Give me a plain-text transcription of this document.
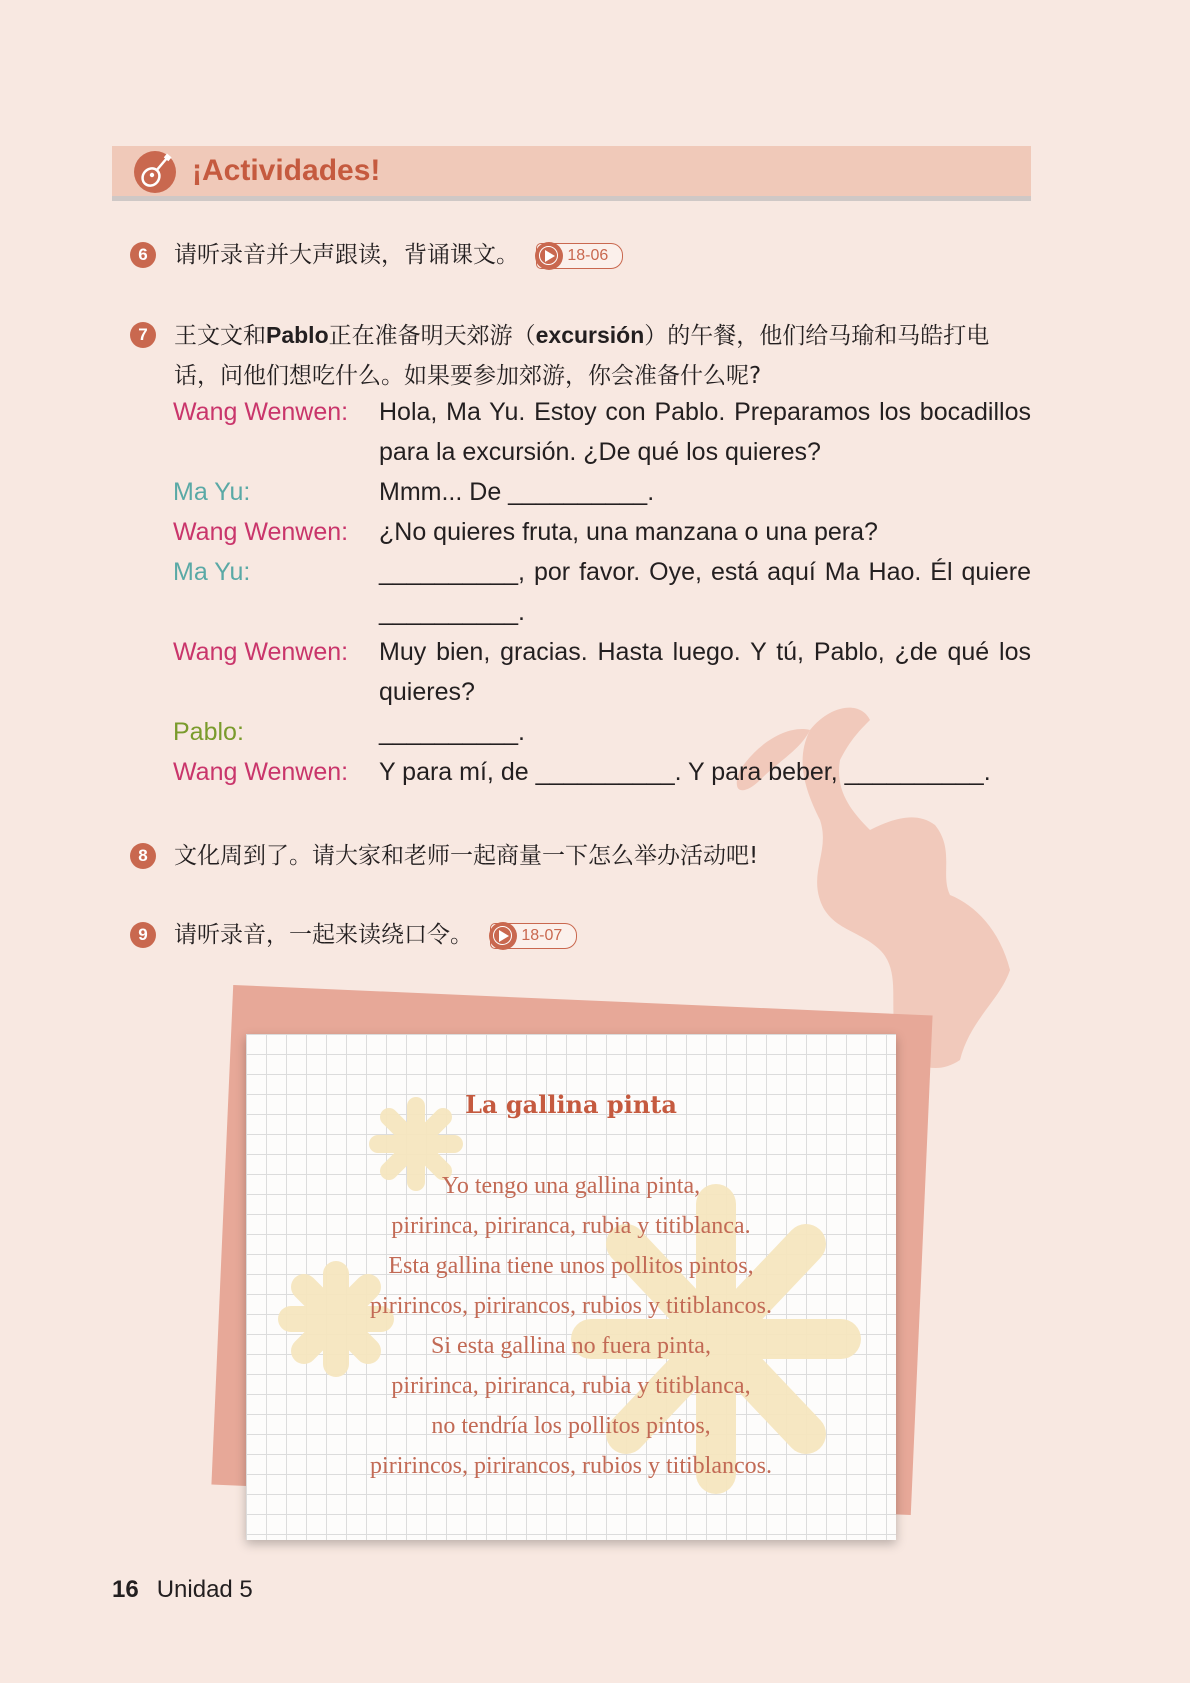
¡Actividades!
6	请听录音并大声跟读，背诵课文。	18-06
7	王文文和Pablo正在准备明天郊游（excursión）的午餐，他们给马瑜和马皓打电

话，问他们想吃什么。如果要参加郊游，你会准备什么呢?

Wang Wenwen: Hola, Ma Yu. Estoy con Pablo. Preparamos los bocadillos para la excursión. ¿De qué los quieres?
Ma Yu:	Mmm... De __________.
Wang Wenwen: ¿No quieres fruta, una manzana o una pera?
Ma Yu:	__________, por favor. Oye, está aquí Ma Hao. Él quiere __________.
Wang Wenwen: Muy bien, gracias. Hasta luego. Y tú, Pablo, ¿de qué los quieres?
Pablo:	__________.
Wang Wenwen: Y para mí, de __________. Y para beber, __________.
8	文化周到了。请大家和老师一起商量一下怎么举办活动吧!
9	请听录音，一起来读绕口令。	18-07
La gallina pinta
Yo tengo una gallina pinta,
piririnca, piriranca, rubia y titiblanca.
Esta gallina tiene unos pollitos pintos,
piririncos, pirirancos, rubios y titiblancos.
Si esta gallina no fuera pinta,
piririnca, piriranca, rubia y titiblanca,
no tendría los pollitos pintos,
piririncos, pirirancos, rubios y titiblancos.
16 Unidad 5
